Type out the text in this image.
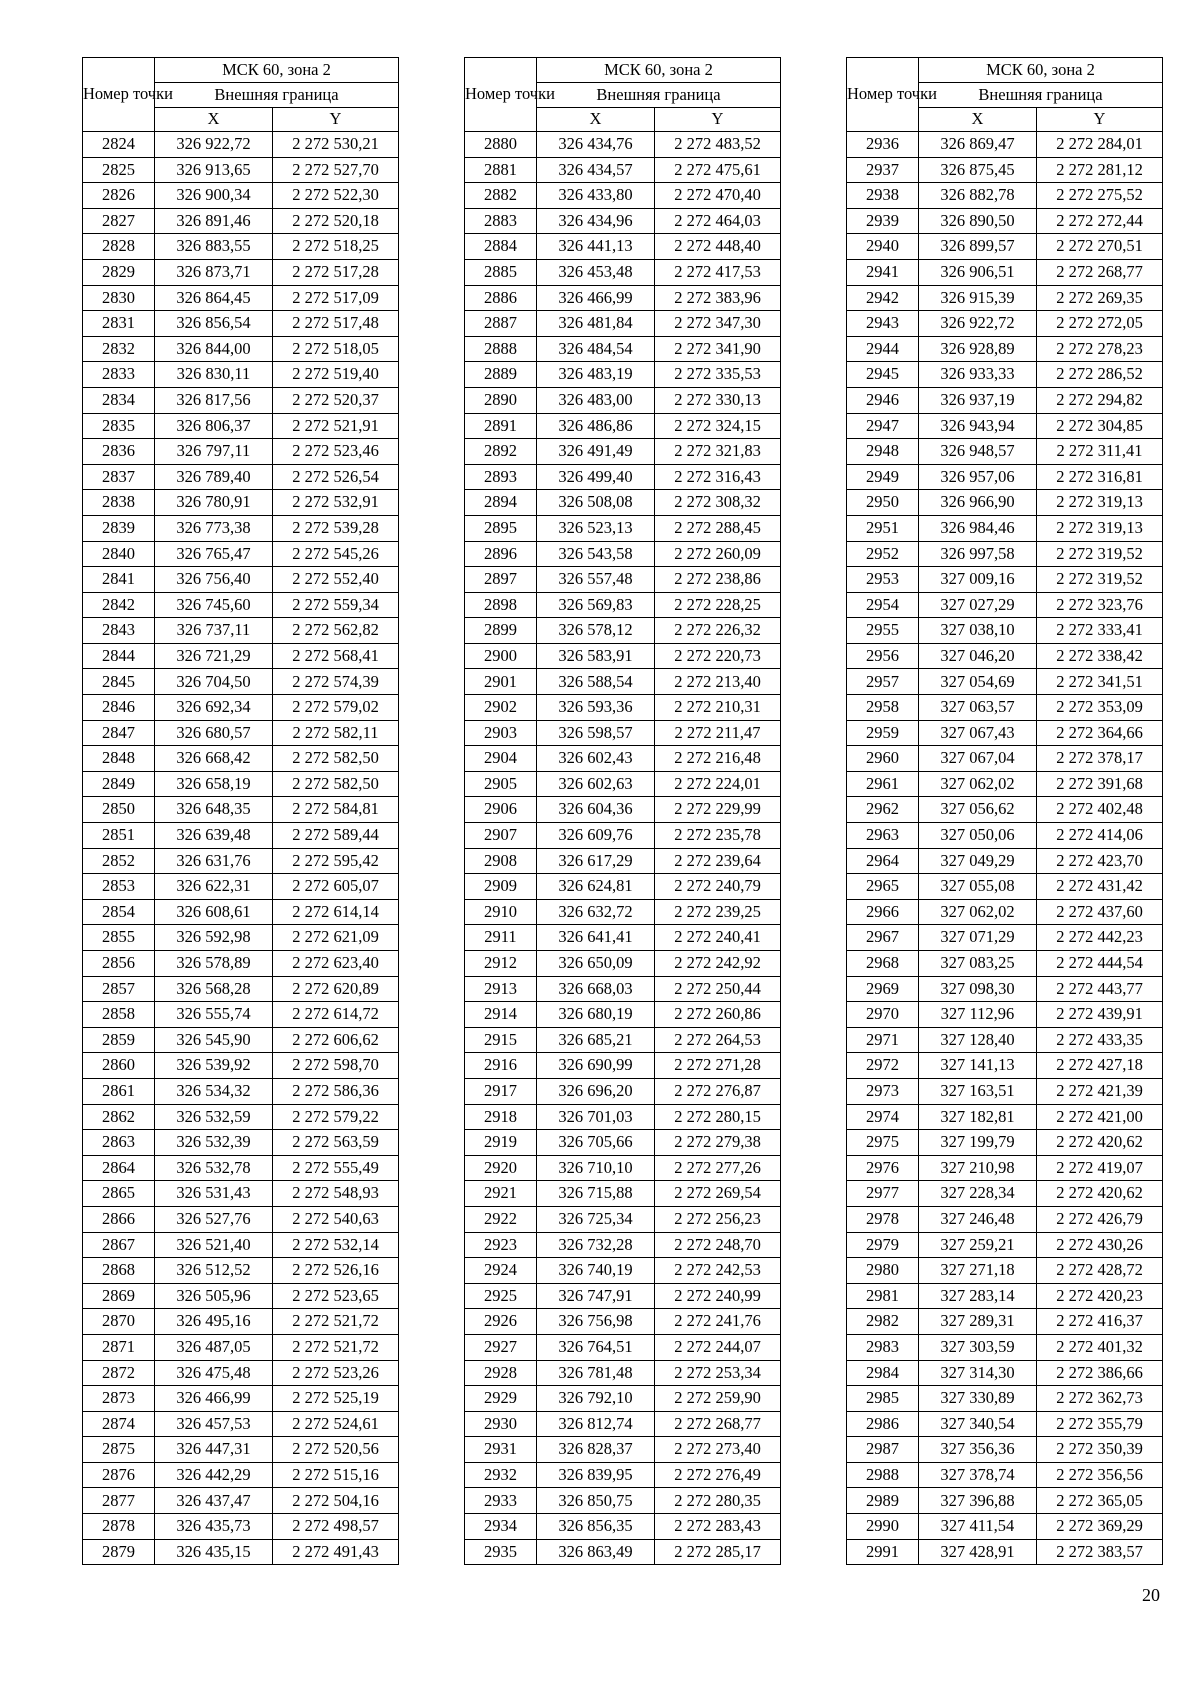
Номер точки	МСК 60, зона 2	
	Внешняя граница	
	X	Y
2824	326 922,72	2 272 530,21
2825	326 913,65	2 272 527,70
2826	326 900,34	2 272 522,30
2827	326 891,46	2 272 520,18
2828	326 883,55	2 272 518,25
2829	326 873,71	2 272 517,28
2830	326 864,45	2 272 517,09
2831	326 856,54	2 272 517,48
2832	326 844,00	2 272 518,05
2833	326 830,11	2 272 519,40
2834	326 817,56	2 272 520,37
2835	326 806,37	2 272 521,91
2836	326 797,11	2 272 523,46
2837	326 789,40	2 272 526,54
2838	326 780,91	2 272 532,91
2839	326 773,38	2 272 539,28
2840	326 765,47	2 272 545,26
2841	326 756,40	2 272 552,40
2842	326 745,60	2 272 559,34
2843	326 737,11	2 272 562,82
2844	326 721,29	2 272 568,41
2845	326 704,50	2 272 574,39
2846	326 692,34	2 272 579,02
2847	326 680,57	2 272 582,11
2848	326 668,42	2 272 582,50
2849	326 658,19	2 272 582,50
2850	326 648,35	2 272 584,81
2851	326 639,48	2 272 589,44
2852	326 631,76	2 272 595,42
2853	326 622,31	2 272 605,07
2854	326 608,61	2 272 614,14
2855	326 592,98	2 272 621,09
2856	326 578,89	2 272 623,40
2857	326 568,28	2 272 620,89
2858	326 555,74	2 272 614,72
2859	326 545,90	2 272 606,62
2860	326 539,92	2 272 598,70
2861	326 534,32	2 272 586,36
2862	326 532,59	2 272 579,22
2863	326 532,39	2 272 563,59
2864	326 532,78	2 272 555,49
2865	326 531,43	2 272 548,93
2866	326 527,76	2 272 540,63
2867	326 521,40	2 272 532,14
2868	326 512,52	2 272 526,16
2869	326 505,96	2 272 523,65
2870	326 495,16	2 272 521,72
2871	326 487,05	2 272 521,72
2872	326 475,48	2 272 523,26
2873	326 466,99	2 272 525,19
2874	326 457,53	2 272 524,61
2875	326 447,31	2 272 520,56
2876	326 442,29	2 272 515,16
2877	326 437,47	2 272 504,16
2878	326 435,73	2 272 498,57
2879	326 435,15	2 272 491,43
Номер точки	МСК 60, зона 2	
	Внешняя граница	
	X	Y
2880	326 434,76	2 272 483,52
2881	326 434,57	2 272 475,61
2882	326 433,80	2 272 470,40
2883	326 434,96	2 272 464,03
2884	326 441,13	2 272 448,40
2885	326 453,48	2 272 417,53
2886	326 466,99	2 272 383,96
2887	326 481,84	2 272 347,30
2888	326 484,54	2 272 341,90
2889	326 483,19	2 272 335,53
2890	326 483,00	2 272 330,13
2891	326 486,86	2 272 324,15
2892	326 491,49	2 272 321,83
2893	326 499,40	2 272 316,43
2894	326 508,08	2 272 308,32
2895	326 523,13	2 272 288,45
2896	326 543,58	2 272 260,09
2897	326 557,48	2 272 238,86
2898	326 569,83	2 272 228,25
2899	326 578,12	2 272 226,32
2900	326 583,91	2 272 220,73
2901	326 588,54	2 272 213,40
2902	326 593,36	2 272 210,31
2903	326 598,57	2 272 211,47
2904	326 602,43	2 272 216,48
2905	326 602,63	2 272 224,01
2906	326 604,36	2 272 229,99
2907	326 609,76	2 272 235,78
2908	326 617,29	2 272 239,64
2909	326 624,81	2 272 240,79
2910	326 632,72	2 272 239,25
2911	326 641,41	2 272 240,41
2912	326 650,09	2 272 242,92
2913	326 668,03	2 272 250,44
2914	326 680,19	2 272 260,86
2915	326 685,21	2 272 264,53
2916	326 690,99	2 272 271,28
2917	326 696,20	2 272 276,87
2918	326 701,03	2 272 280,15
2919	326 705,66	2 272 279,38
2920	326 710,10	2 272 277,26
2921	326 715,88	2 272 269,54
2922	326 725,34	2 272 256,23
2923	326 732,28	2 272 248,70
2924	326 740,19	2 272 242,53
2925	326 747,91	2 272 240,99
2926	326 756,98	2 272 241,76
2927	326 764,51	2 272 244,07
2928	326 781,48	2 272 253,34
2929	326 792,10	2 272 259,90
2930	326 812,74	2 272 268,77
2931	326 828,37	2 272 273,40
2932	326 839,95	2 272 276,49
2933	326 850,75	2 272 280,35
2934	326 856,35	2 272 283,43
2935	326 863,49	2 272 285,17
Номер точки	МСК 60, зона 2	
	Внешняя граница	
	X	Y
2936	326 869,47	2 272 284,01
2937	326 875,45	2 272 281,12
2938	326 882,78	2 272 275,52
2939	326 890,50	2 272 272,44
2940	326 899,57	2 272 270,51
2941	326 906,51	2 272 268,77
2942	326 915,39	2 272 269,35
2943	326 922,72	2 272 272,05
2944	326 928,89	2 272 278,23
2945	326 933,33	2 272 286,52
2946	326 937,19	2 272 294,82
2947	326 943,94	2 272 304,85
2948	326 948,57	2 272 311,41
2949	326 957,06	2 272 316,81
2950	326 966,90	2 272 319,13
2951	326 984,46	2 272 319,13
2952	326 997,58	2 272 319,52
2953	327 009,16	2 272 319,52
2954	327 027,29	2 272 323,76
2955	327 038,10	2 272 333,41
2956	327 046,20	2 272 338,42
2957	327 054,69	2 272 341,51
2958	327 063,57	2 272 353,09
2959	327 067,43	2 272 364,66
2960	327 067,04	2 272 378,17
2961	327 062,02	2 272 391,68
2962	327 056,62	2 272 402,48
2963	327 050,06	2 272 414,06
2964	327 049,29	2 272 423,70
2965	327 055,08	2 272 431,42
2966	327 062,02	2 272 437,60
2967	327 071,29	2 272 442,23
2968	327 083,25	2 272 444,54
2969	327 098,30	2 272 443,77
2970	327 112,96	2 272 439,91
2971	327 128,40	2 272 433,35
2972	327 141,13	2 272 427,18
2973	327 163,51	2 272 421,39
2974	327 182,81	2 272 421,00
2975	327 199,79	2 272 420,62
2976	327 210,98	2 272 419,07
2977	327 228,34	2 272 420,62
2978	327 246,48	2 272 426,79
2979	327 259,21	2 272 430,26
2980	327 271,18	2 272 428,72
2981	327 283,14	2 272 420,23
2982	327 289,31	2 272 416,37
2983	327 303,59	2 272 401,32
2984	327 314,30	2 272 386,66
2985	327 330,89	2 272 362,73
2986	327 340,54	2 272 355,79
2987	327 356,36	2 272 350,39
2988	327 378,74	2 272 356,56
2989	327 396,88	2 272 365,05
2990	327 411,54	2 272 369,29
2991	327 428,91	2 272 383,57
20
